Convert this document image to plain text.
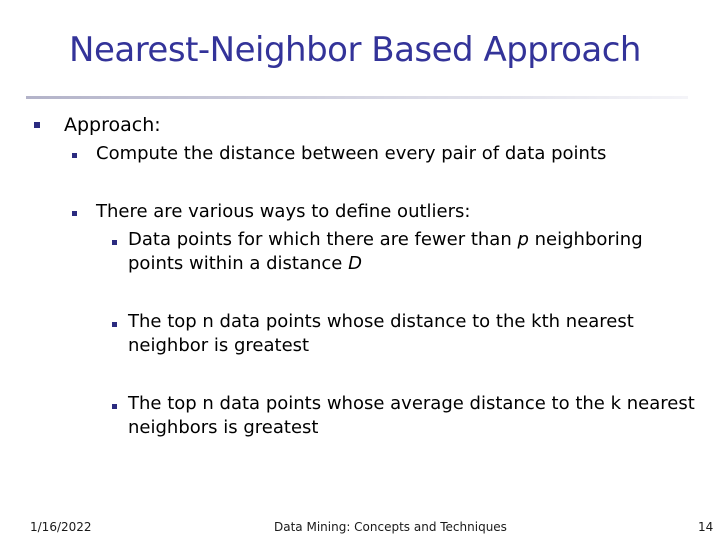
Nearest-Neighbor Based Approach
Approach:
Compute the distance between every pair of data points
There are various ways to define outliers:
Data points for which there are fewer than p neighboring
points within a distance D
The top n data points whose distance to the kth nearest
neighbor is greatest
The top n data points whose average distance to the k nearest
neighbors is greatest
1/16/2022	Data Mining: Concepts and Techniques	14
